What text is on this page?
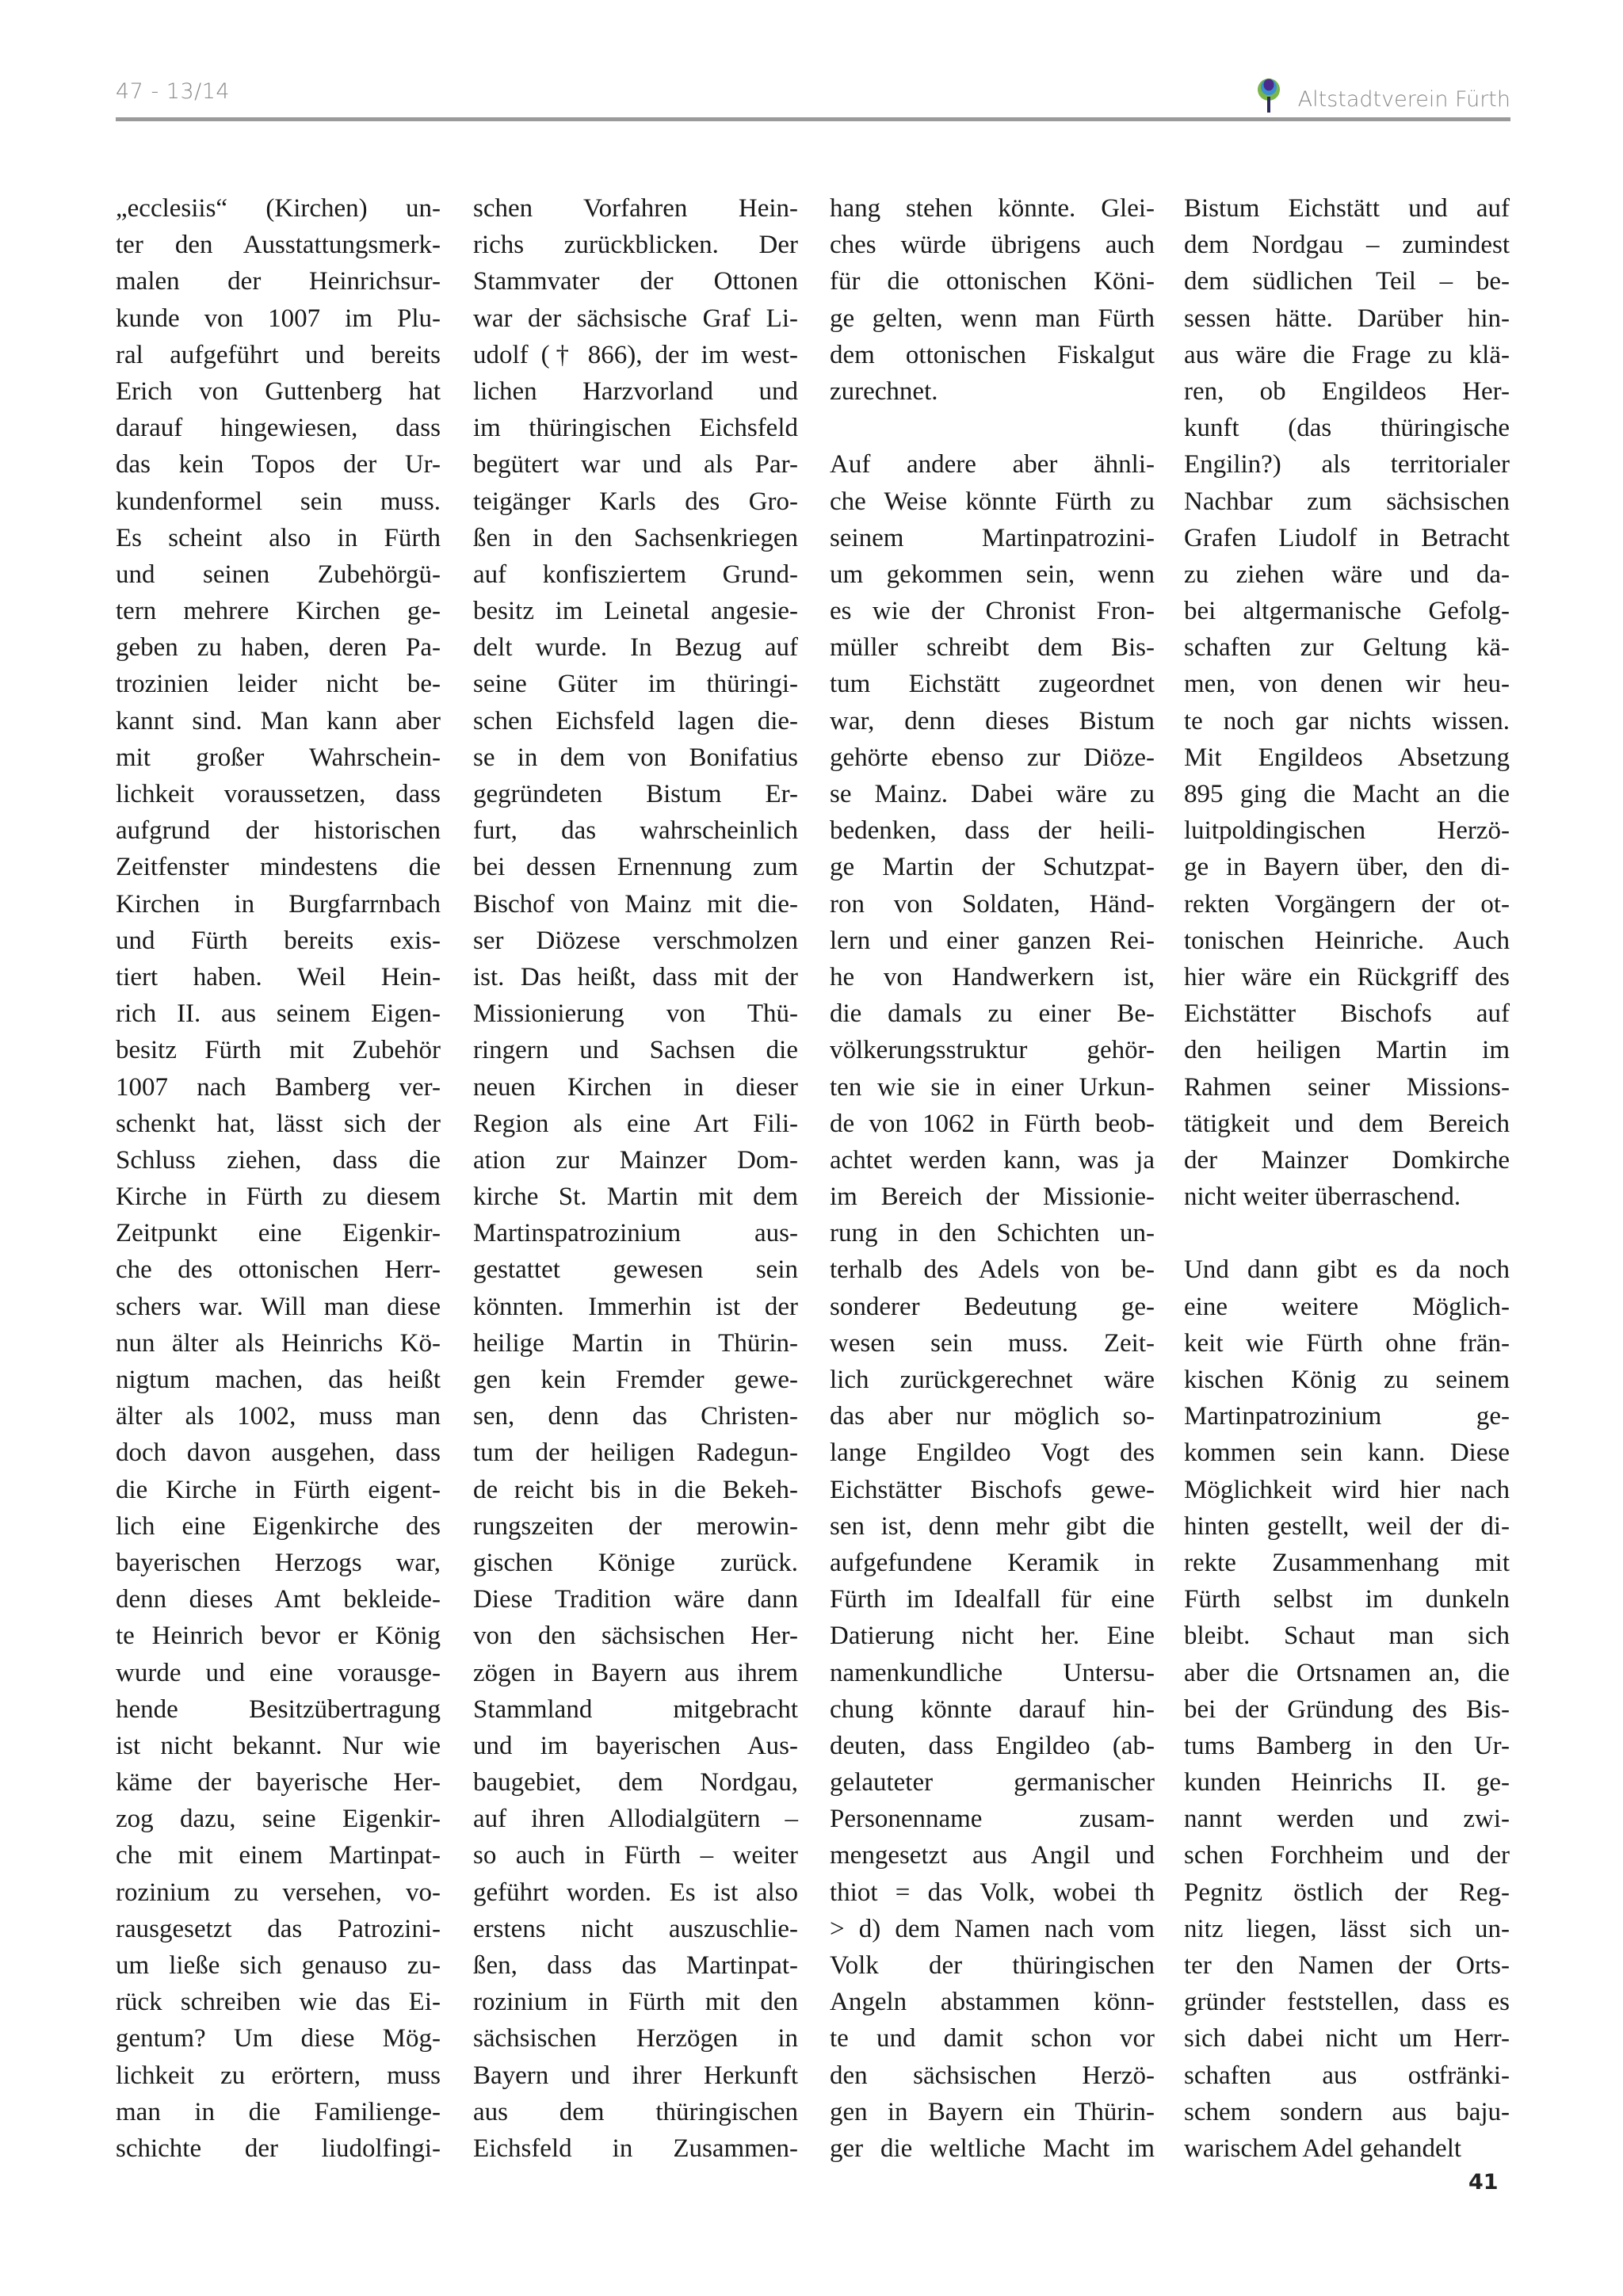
47 - 13/14	Altstadtverein Fürth
„ecclesiis“ (Kirchen) un-
ter den Ausstattungsmerk-
malen der Heinrichsur-
kunde von 1007 im Plu-
ral aufgeführt und bereits
Erich von Guttenberg hat
darauf hingewiesen, dass
das kein Topos der Ur-
kundenformel sein muss.
Es scheint also in Fürth
und seinen Zubehörgü-
tern mehrere Kirchen ge-
geben zu haben, deren Pa-
trozinien leider nicht be-
kannt sind. Man kann aber
mit großer Wahrschein-
lichkeit voraussetzen, dass
aufgrund der historischen
Zeitfenster mindestens die
Kirchen in Burgfarrnbach
und Fürth bereits exis-
tiert haben. Weil Hein-
rich II. aus seinem Eigen-
besitz Fürth mit Zubehör
1007 nach Bamberg ver-
schenkt hat, lässt sich der
Schluss ziehen, dass die
Kirche in Fürth zu diesem
Zeitpunkt eine Eigenkir-
che des ottonischen Herr-
schers war. Will man diese
nun älter als Heinrichs Kö-
nigtum machen, das heißt
älter als 1002, muss man
doch davon ausgehen, dass
die Kirche in Fürth eigent-
lich eine Eigenkirche des
bayerischen Herzogs war,
denn dieses Amt bekleide-
te Heinrich bevor er König
wurde und eine vorausge-
hende Besitzübertragung
ist nicht bekannt. Nur wie
käme der bayerische Her-
zog dazu, seine Eigenkir-
che mit einem Martinpat-
rozinium zu versehen, vo-
rausgesetzt das Patrozini-
um ließe sich genauso zu-
rück schreiben wie das Ei-
gentum? Um diese Mög-
lichkeit zu erörtern, muss
man in die Familienge-
schichte der liudolfingi-
schen Vorfahren Hein-
richs zurückblicken. Der
Stammvater der Ottonen
war der sächsische Graf Li-
udolf († 866), der im west-
lichen Harzvorland und
im thüringischen Eichsfeld
begütert war und als Par-
teigänger Karls des Gro-
ßen in den Sachsenkriegen
auf konfisziertem Grund-
besitz im Leinetal angesie-
delt wurde. In Bezug auf
seine Güter im thüringi-
schen Eichsfeld lagen die-
se in dem von Bonifatius
gegründeten Bistum Er-
furt, das wahrscheinlich
bei dessen Ernennung zum
Bischof von Mainz mit die-
ser Diözese verschmolzen
ist. Das heißt, dass mit der
Missionierung von Thü-
ringern und Sachsen die
neuen Kirchen in dieser
Region als eine Art Fili-
ation zur Mainzer Dom-
kirche St. Martin mit dem
Martinspatrozinium aus-
gestattet gewesen sein
könnten. Immerhin ist der
heilige Martin in Thürin-
gen kein Fremder gewe-
sen, denn das Christen-
tum der heiligen Radegun-
de reicht bis in die Bekeh-
rungszeiten der merowin-
gischen Könige zurück.
Diese Tradition wäre dann
von den sächsischen Her-
zögen in Bayern aus ihrem
Stammland mitgebracht
und im bayerischen Aus-
baugebiet, dem Nordgau,
auf ihren Allodialgütern –
so auch in Fürth – weiter
geführt worden. Es ist also
erstens nicht auszuschlie-
ßen, dass das Martinpat-
rozinium in Fürth mit den
sächsischen Herzögen in
Bayern und ihrer Herkunft
aus dem thüringischen
Eichsfeld in Zusammen-
hang stehen könnte. Glei-
ches würde übrigens auch
für die ottonischen Köni-
ge gelten, wenn man Fürth
dem ottonischen Fiskalgut
zurechnet.
Auf andere aber ähnli-
che Weise könnte Fürth zu
seinem Martinpatrozini-
um gekommen sein, wenn
es wie der Chronist Fron-
müller schreibt dem Bis-
tum Eichstätt zugeordnet
war, denn dieses Bistum
gehörte ebenso zur Diöze-
se Mainz. Dabei wäre zu
bedenken, dass der heili-
ge Martin der Schutzpat-
ron von Soldaten, Händ-
lern und einer ganzen Rei-
he von Handwerkern ist,
die damals zu einer Be-
völkerungsstruktur gehör-
ten wie sie in einer Urkun-
de von 1062 in Fürth beob-
achtet werden kann, was ja
im Bereich der Missionie-
rung in den Schichten un-
terhalb des Adels von be-
sonderer Bedeutung ge-
wesen sein muss. Zeit-
lich zurückgerechnet wäre
das aber nur möglich so-
lange Engildeo Vogt des
Eichstätter Bischofs gewe-
sen ist, denn mehr gibt die
aufgefundene Keramik in
Fürth im Idealfall für eine
Datierung nicht her. Eine
namenkundliche Untersu-
chung könnte darauf hin-
deuten, dass Engildeo (ab-
gelauteter germanischer
Personenname zusam-
mengesetzt aus Angil und
thiot = das Volk, wobei th
> d) dem Namen nach vom
Volk der thüringischen
Angeln abstammen könn-
te und damit schon vor
den sächsischen Herzö-
gen in Bayern ein Thürin-
ger die weltliche Macht im
Bistum Eichstätt und auf
dem Nordgau – zumindest
dem südlichen Teil – be-
sessen hätte. Darüber hin-
aus wäre die Frage zu klä-
ren, ob Engildeos Her-
kunft (das thüringische
Engilin?) als territorialer
Nachbar zum sächsischen
Grafen Liudolf in Betracht
zu ziehen wäre und da-
bei altgermanische Gefolg-
schaften zur Geltung kä-
men, von denen wir heu-
te noch gar nichts wissen.
Mit Engildeos Absetzung
895 ging die Macht an die
luitpoldingischen Herzö-
ge in Bayern über, den di-
rekten Vorgängern der ot-
tonischen Heinriche. Auch
hier wäre ein Rückgriff des
Eichstätter Bischofs auf
den heiligen Martin im
Rahmen seiner Missions-
tätigkeit und dem Bereich
der Mainzer Domkirche
nicht weiter überraschend.
Und dann gibt es da noch
eine weitere Möglich-
keit wie Fürth ohne frän-
kischen König zu seinem
Martinpatrozinium ge-
kommen sein kann. Diese
Möglichkeit wird hier nach
hinten gestellt, weil der di-
rekte Zusammenhang mit
Fürth selbst im dunkeln
bleibt. Schaut man sich
aber die Ortsnamen an, die
bei der Gründung des Bis-
tums Bamberg in den Ur-
kunden Heinrichs II. ge-
nannt werden und zwi-
schen Forchheim und der
Pegnitz östlich der Reg-
nitz liegen, lässt sich un-
ter den Namen der Orts-
gründer feststellen, dass es
sich dabei nicht um Herr-
schaften aus ostfränki-
schem sondern aus baju-
warischem Adel gehandelt
41
